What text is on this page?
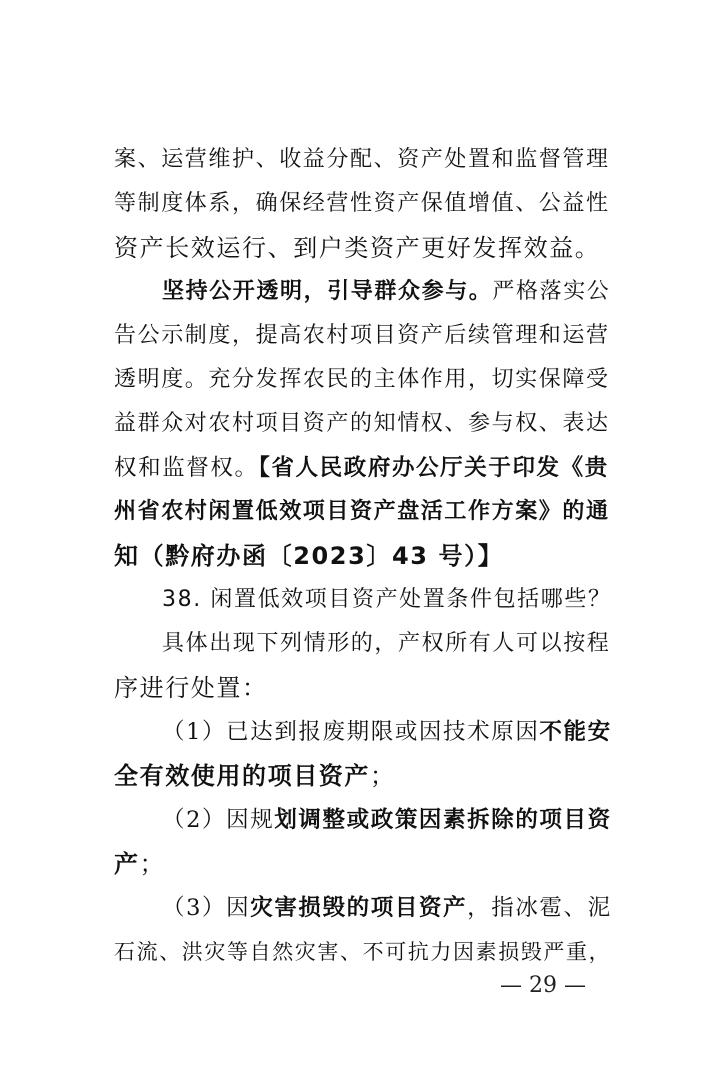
案、运营维护、收益分配、资产处置和监督管理
等制度体系，确保经营性资产保值增值、公益性
资产长效运行、到户类资产更好发挥效益。
坚持公开透明，引导群众参与。严格落实公
告公示制度，提高农村项目资产后续管理和运营
透明度。充分发挥农民的主体作用，切实保障受
益群众对农村项目资产的知情权、参与权、表达
权和监督权。【省人民政府办公厅关于印发《贵
州省农村闲置低效项目资产盘活工作方案》的通
知（黔府办函〔2023〕43 号）】
38. 闲置低效项目资产处置条件包括哪些？
具体出现下列情形的，产权所有人可以按程
序进行处置：
（1）已达到报废期限或因技术原因不能安
全有效使用的项目资产；
（2）因规划调整或政策因素拆除的项目资
产；
（3）因灾害损毁的项目资产，指冰雹、泥
石流、洪灾等自然灾害、不可抗力因素损毁严重，
— 29 —
